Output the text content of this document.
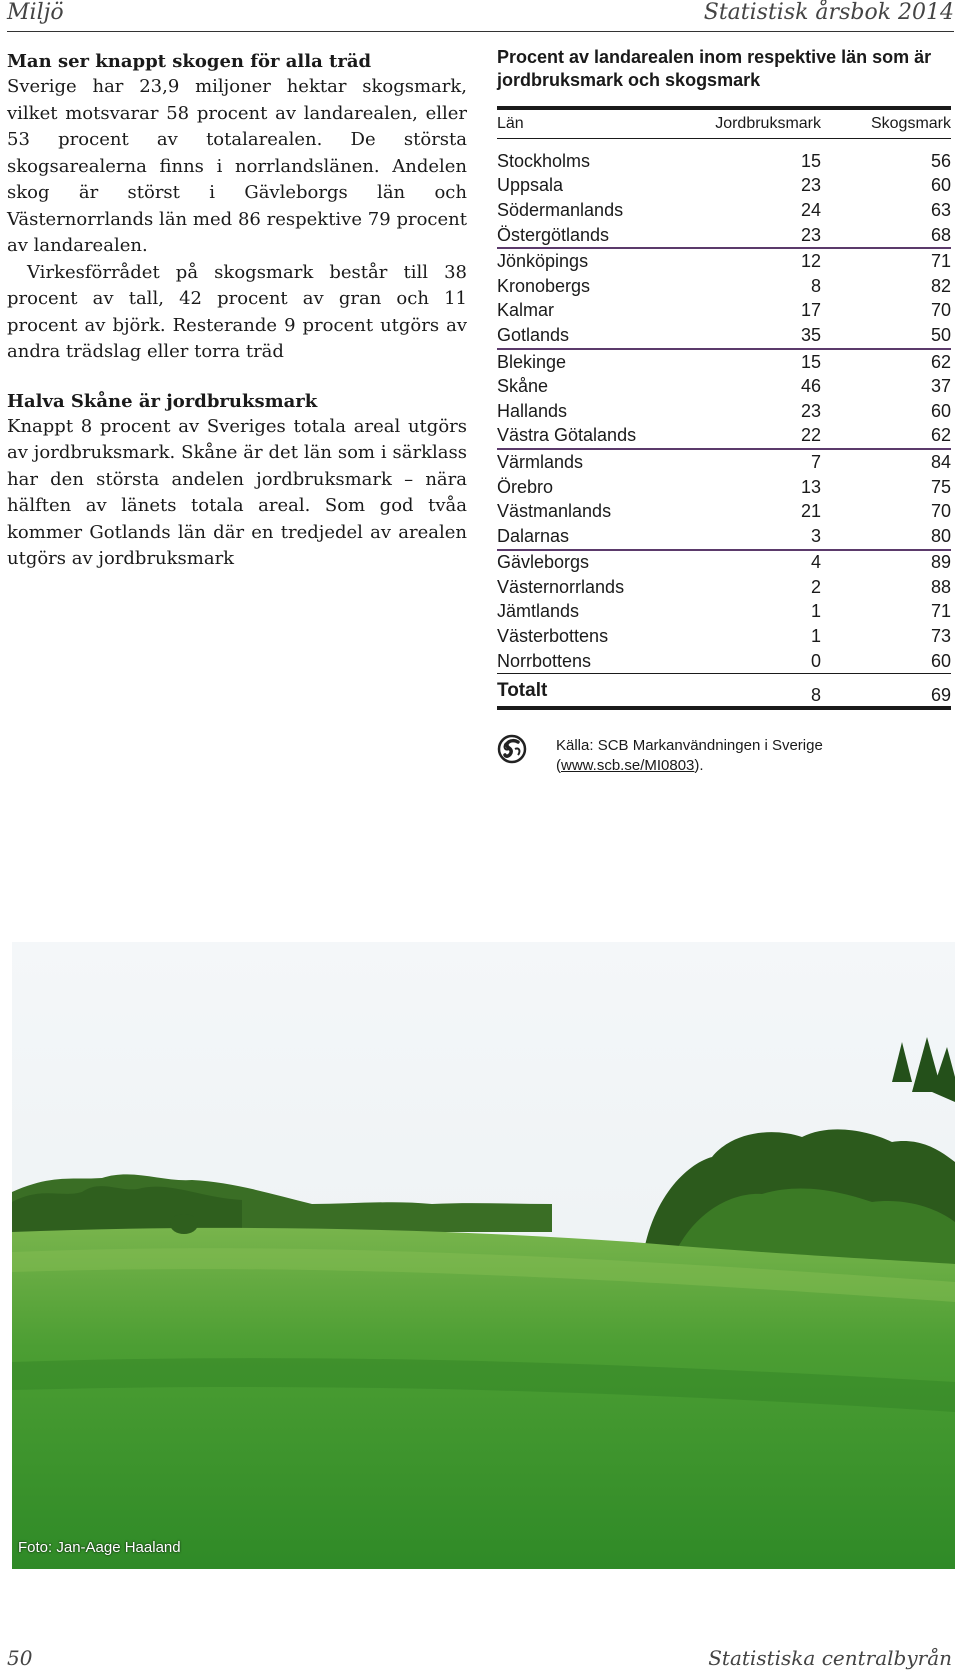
Miljö	Statistisk årsbok 2014
Man ser knappt skogen för alla träd

Sverige har 23,9 miljoner hektar skogsmark, vilket motsvarar 58 procent av landarealen, eller 53 procent av totalarealen. De största skogsarealerna finns i norrlandslänen. Andelen skog är störst i Gävleborgs län och Västernorrlands län med 86 respektive 79 procent av landarealen.

Virkesförrådet på skogsmark består till 38 procent av tall, 42 procent av gran och 11 procent av björk. Resterande 9 procent utgörs av andra trädslag eller torra träd

Halva Skåne är jordbruksmark

Knappt 8 procent av Sveriges totala areal utgörs av jordbruksmark. Skåne är det län som i särklass har den största andelen jordbruksmark – nära hälften av länets totala areal. Som god tvåa kommer Gotlands län där en tredjedel av arealen utgörs av jordbruksmark

Procent av landarealen inom respektive län som är jordbruksmark och skogsmark
Län	Jordbruksmark	Skogsmark
Stockholms	15	56
Uppsala	23	60
Södermanlands	24	63
Östergötlands	23	68
Jönköpings	12	71
Kronobergs	8	82
Kalmar	17	70
Gotlands	35	50
Blekinge	15	62
Skåne	46	37
Hallands	23	60
Västra Götalands	22	62
Värmlands	7	84
Örebro	13	75
Västmanlands	21	70
Dalarnas	3	80
Gävleborgs	4	89
Västernorrlands	2	88
Jämtlands	1	71
Västerbottens	1	73
Norrbottens	0	60
Totalt	8	69
Källa: SCB Markanvändningen i Sverige
(www.scb.se/MI0803).
Foto: Jan-Aage Haaland
50	Statistiska centralbyrån
